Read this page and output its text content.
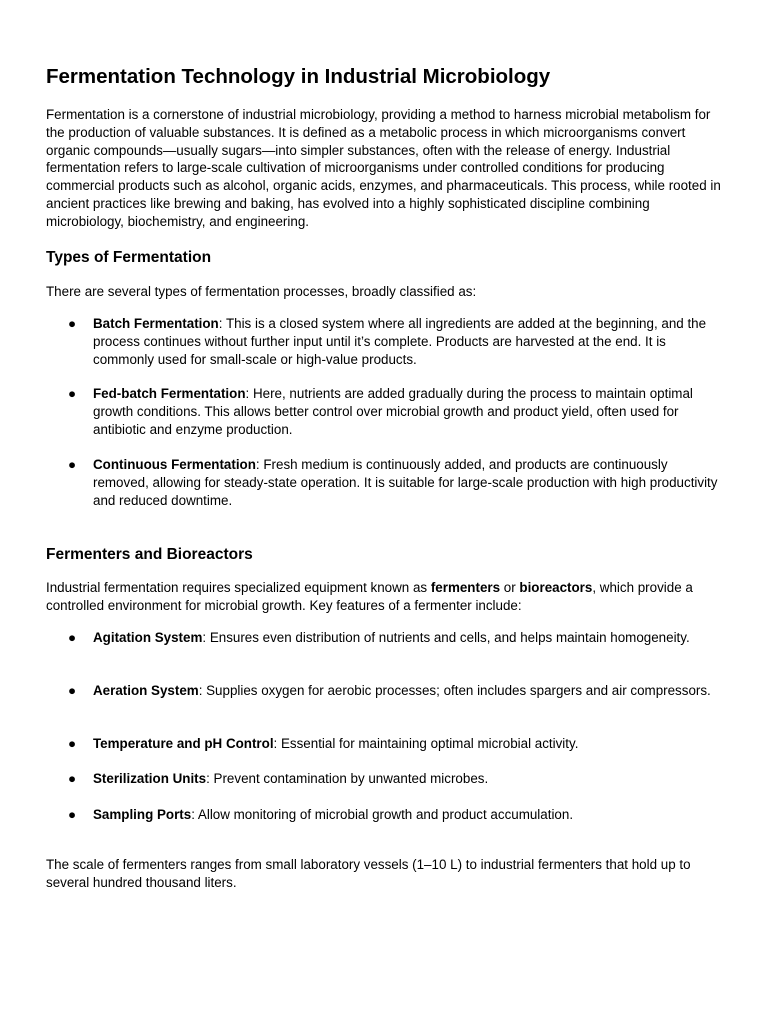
Fermentation Technology in Industrial Microbiology

Fermentation is a cornerstone of industrial microbiology, providing a method to harness microbial metabolism for the production of valuable substances. It is defined as a metabolic process in which microorganisms convert organic compounds—usually sugars—into simpler substances, often with the release of energy. Industrial fermentation refers to large-scale cultivation of microorganisms under controlled conditions for producing commercial products such as alcohol, organic acids, enzymes, and pharmaceuticals. This process, while rooted in ancient practices like brewing and baking, has evolved into a highly sophisticated discipline combining microbiology, biochemistry, and engineering.

Types of Fermentation

There are several types of fermentation processes, broadly classified as:

● Batch Fermentation: This is a closed system where all ingredients are added at the beginning, and the process continues without further input until it’s complete. Products are harvested at the end. It is commonly used for small-scale or high-value products.
● Fed-batch Fermentation: Here, nutrients are added gradually during the process to maintain optimal growth conditions. This allows better control over microbial growth and product yield, often used for antibiotic and enzyme production.
● Continuous Fermentation: Fresh medium is continuously added, and products are continuously removed, allowing for steady-state operation. It is suitable for large-scale production with high productivity and reduced downtime.
Fermenters and Bioreactors

Industrial fermentation requires specialized equipment known as fermenters or bioreactors, which provide a controlled environment for microbial growth. Key features of a fermenter include:

● Agitation System: Ensures even distribution of nutrients and cells, and helps maintain homogeneity.
● Aeration System: Supplies oxygen for aerobic processes; often includes spargers and air compressors.
● Temperature and pH Control: Essential for maintaining optimal microbial activity.
● Sterilization Units: Prevent contamination by unwanted microbes.
● Sampling Ports: Allow monitoring of microbial growth and product accumulation.

The scale of fermenters ranges from small laboratory vessels (1–10 L) to industrial fermenters that hold up to several hundred thousand liters.
